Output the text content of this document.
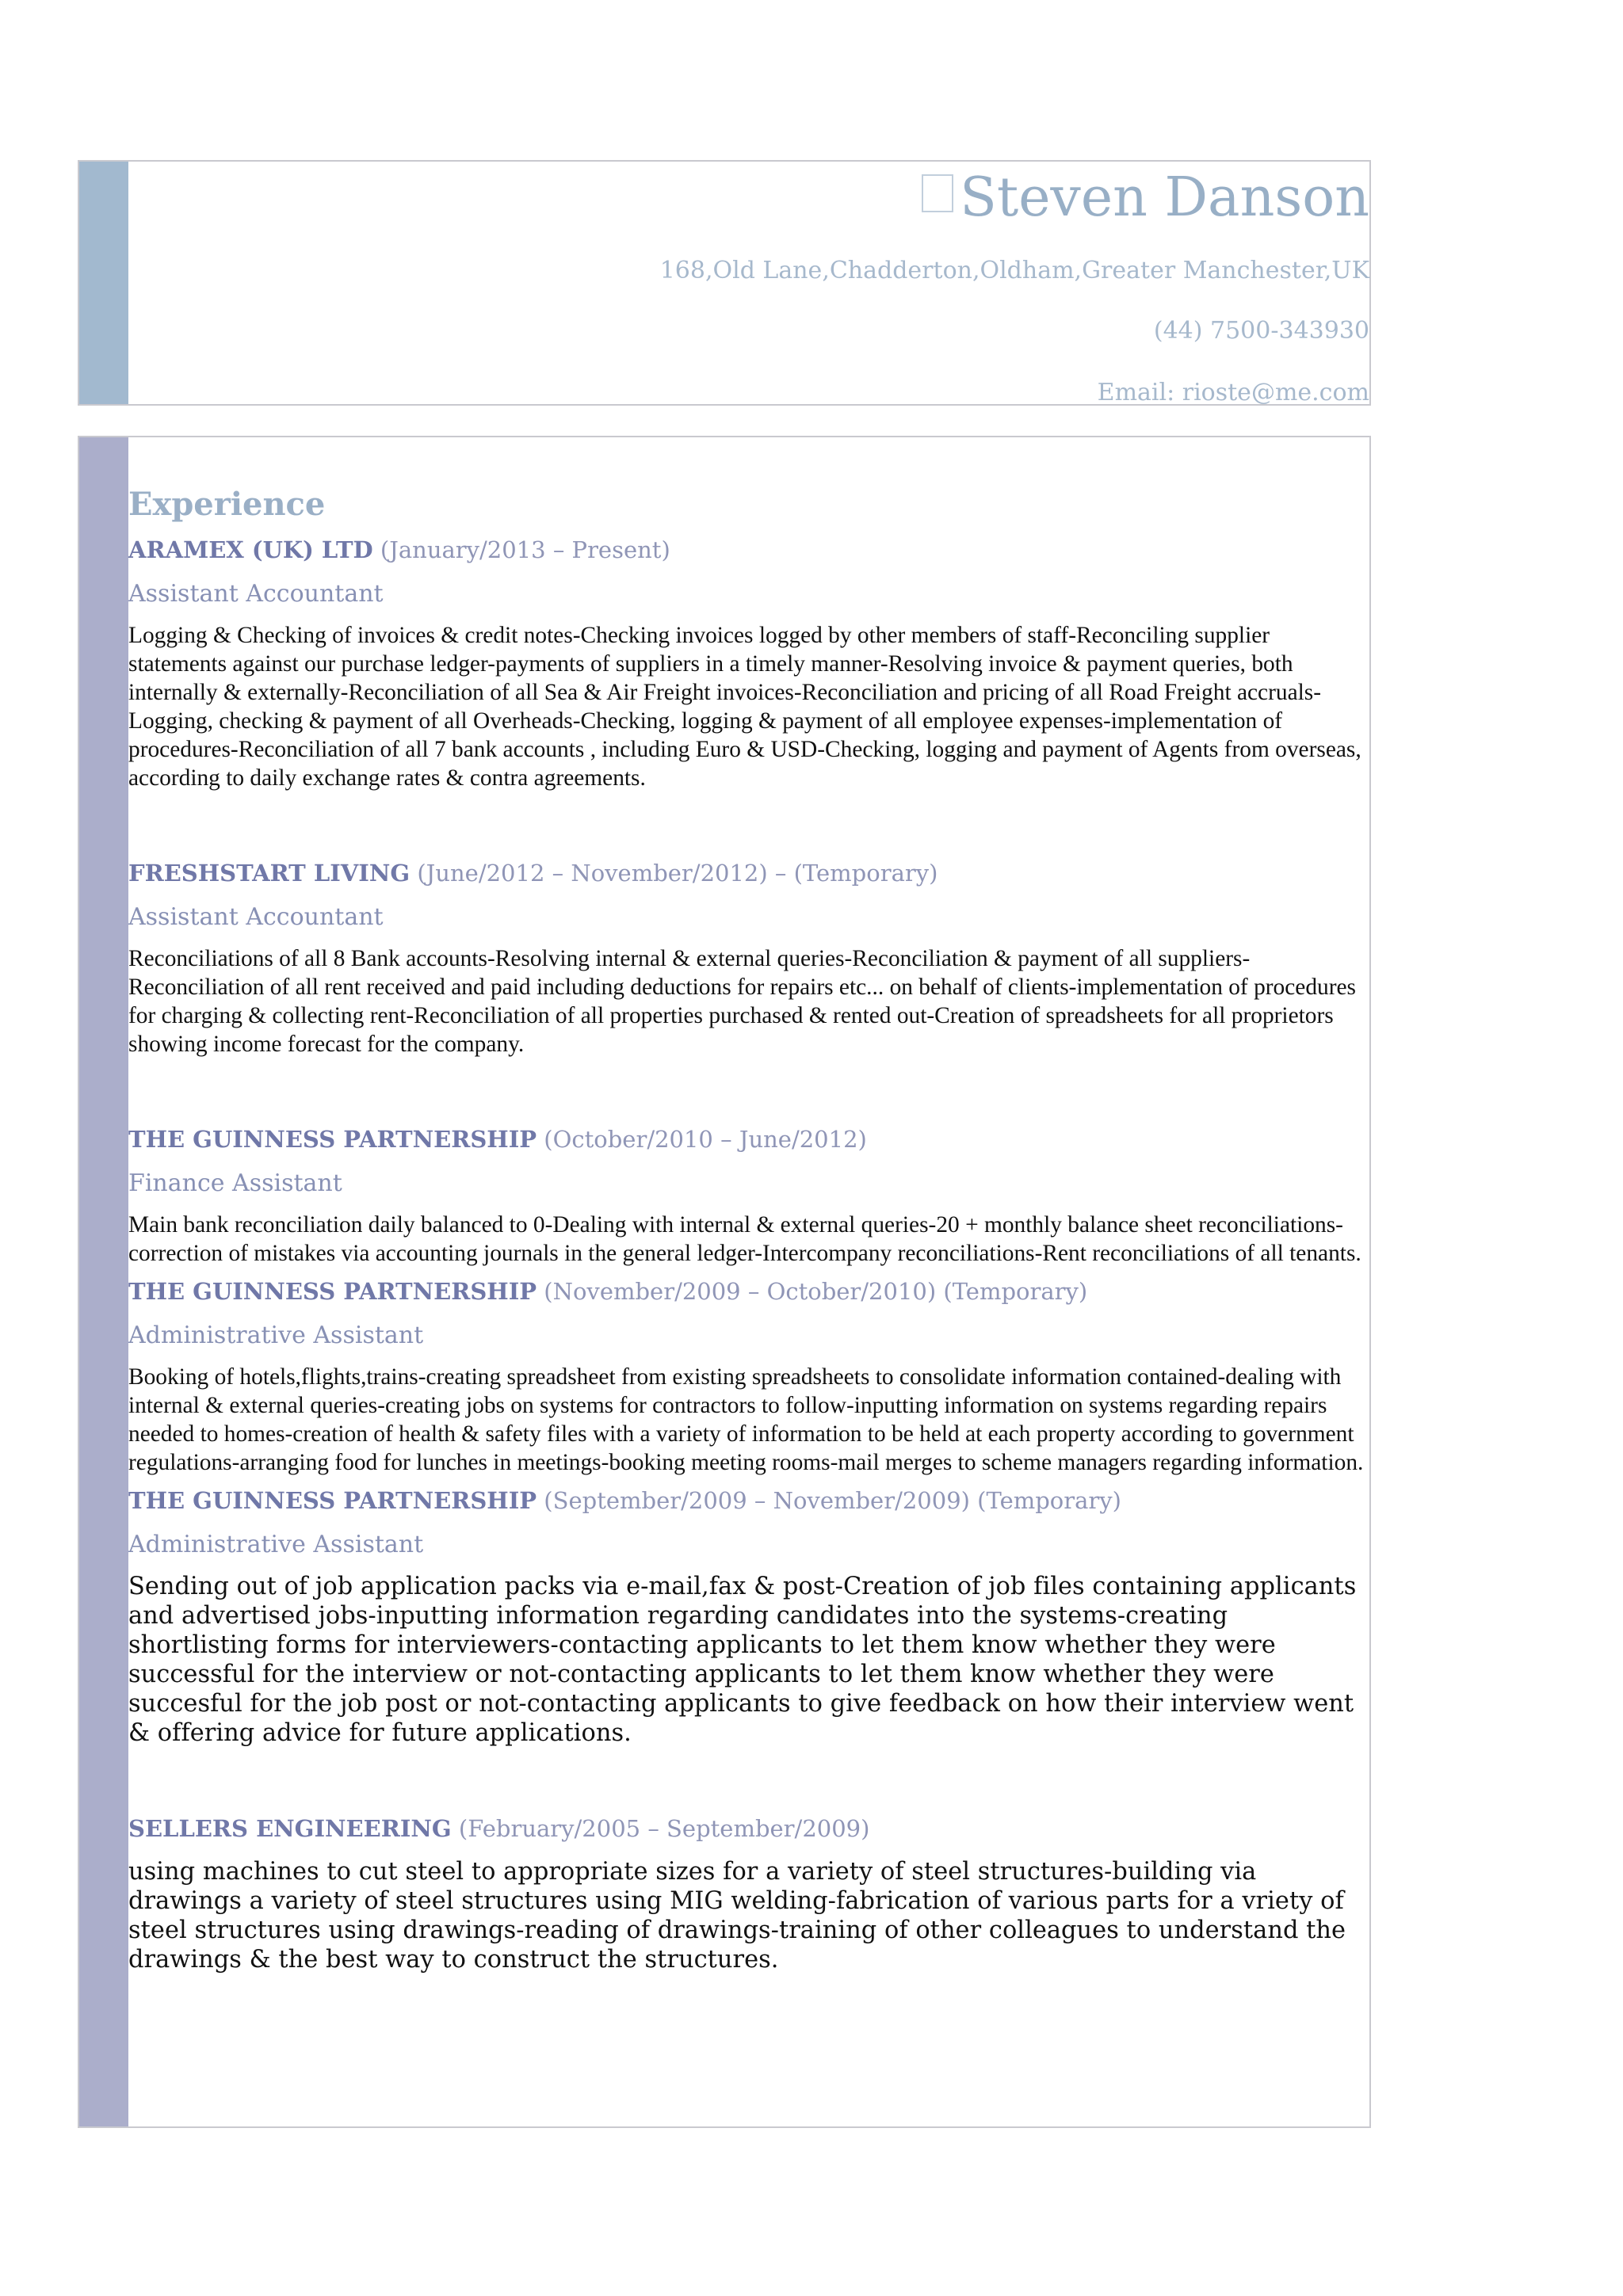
Steven Danson

168,Old Lane,Chadderton,Oldham,Greater Manchester,UK

(44) 7500-343930

Email: rioste@me.com

Experience

ARAMEX (UK) LTD (January/2013 – Present)

Assistant Accountant

Logging & Checking of invoices & credit notes-Checking invoices logged by other members of staff-Reconciling supplier statements against our purchase ledger-payments of suppliers in a timely manner-Resolving invoice & payment queries, both internally & externally-Reconciliation of all Sea & Air Freight invoices-Reconciliation and pricing of all Road Freight accruals-Logging, checking & payment of all Overheads-Checking, logging & payment of all employee expenses-implementation of procedures-Reconciliation of all 7 bank accounts , including Euro & USD-Checking, logging and payment of Agents from overseas, according to daily exchange rates & contra agreements.

FRESHSTART LIVING (June/2012 – November/2012) – (Temporary)

Assistant Accountant

Reconciliations of all 8 Bank accounts-Resolving internal & external queries-Reconciliation & payment of all suppliers-Reconciliation of all rent received and paid including deductions for repairs etc... on behalf of clients-implementation of procedures for charging & collecting rent-Reconciliation of all properties purchased & rented out-Creation of spreadsheets for all proprietors showing income forecast for the company.

THE GUINNESS PARTNERSHIP (October/2010 – June/2012)

Finance Assistant

Main bank reconciliation daily balanced to 0-Dealing with internal & external queries-20 + monthly balance sheet reconciliations-correction of mistakes via accounting journals in the general ledger-Intercompany reconciliations-Rent reconciliations of all tenants.

THE GUINNESS PARTNERSHIP (November/2009 – October/2010) (Temporary)

Administrative Assistant

Booking of hotels,flights,trains-creating spreadsheet from existing spreadsheets to consolidate information contained-dealing with internal & external queries-creating jobs on systems for contractors to follow-inputting information on systems regarding repairs needed to homes-creation of health & safety files with a variety of information to be held at each property according to government regulations-arranging food for lunches in meetings-booking meeting rooms-mail merges to scheme managers regarding information.

THE GUINNESS PARTNERSHIP (September/2009 – November/2009) (Temporary)

Administrative Assistant

Sending out of job application packs via e-mail,fax & post-Creation of job files containing applicants and advertised jobs-inputting information regarding candidates into the systems-creating shortlisting forms for interviewers-contacting applicants to let them know whether they were successful for the interview or not-contacting applicants to let them know whether they were succesful for the job post or not-contacting applicants to give feedback on how their interview went & offering advice for future applications.

SELLERS ENGINEERING (February/2005 – September/2009)

using machines to cut steel to appropriate sizes for a variety of steel structures-building via drawings a variety of steel structures using MIG welding-fabrication of various parts for a vriety of steel structures using drawings-reading of drawings-training of other colleagues to understand the drawings & the best way to construct the structures.
